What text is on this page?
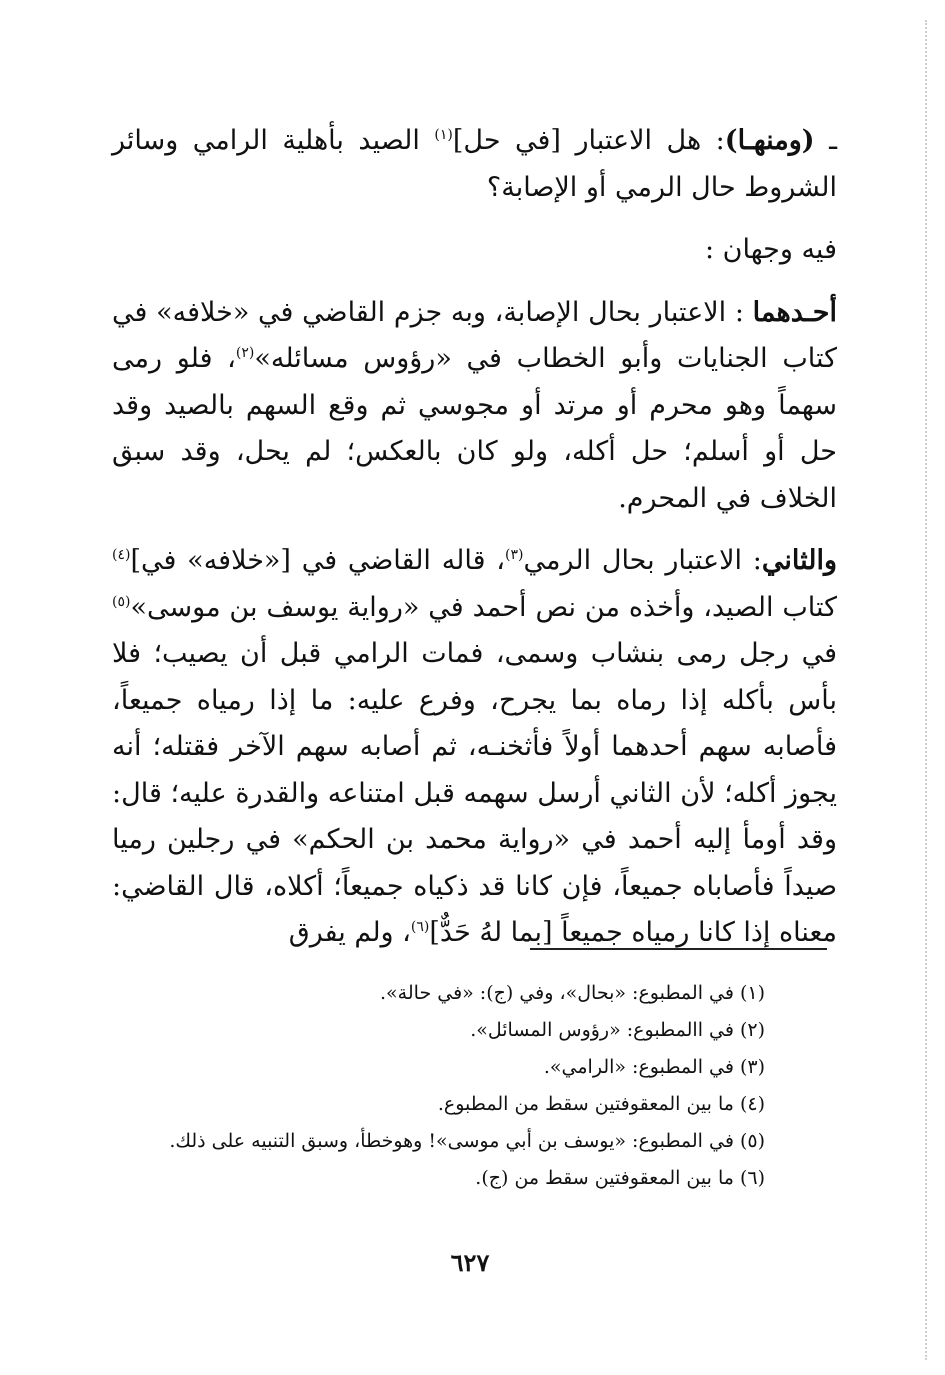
ـ (ومنهـا): هل الاعتبار [في حل]$^{(١)}$ الصيد بأهلية الرامي وسائر الشروط حال الرمي أو الإصابة؟

فيه وجهان :

أحـدهما : الاعتبار بحال الإصابة، وبه جزم القاضي في «خلافه» في كتاب الجنايات وأبو الخطاب في «رؤوس مسائله»$^{(٢)}$، فلو رمى سهماً وهو محرم أو مرتد أو مجوسي ثم وقع السهم بالصيد وقد حل أو أسلم؛ حل أكله، ولو كان بالعكس؛ لم يحل، وقد سبق الخلاف في المحرم.

والثاني: الاعتبار بحال الرمي$^{(٣)}$، قاله القاضي في [«خلافه» في]$^{(٤)}$ كتاب الصيد، وأخذه من نص أحمد في «رواية يوسف بن موسى»$^{(٥)}$ في رجل رمى بنشاب وسمى، فمات الرامي قبل أن يصيب؛ فلا بأس بأكله إذا رماه بما يجرح، وفرع عليه: ما إذا رمياه جميعاً، فأصابه سهم أحدهما أولاً فأثخنـه، ثم أصابه سهم الآخر فقتله؛ أنه يجوز أكله؛ لأن الثاني أرسل سهمه قبل امتناعه والقدرة عليه؛ قال: وقد أومأ إليه أحمد في «رواية محمد بن الحكم» في رجلين رميا صيداً فأصاباه جميعاً، فإن كانا قد ذكياه جميعاً؛ أكلاه، قال القاضي: معناه إذا كانا رمياه جميعاً [بما لهُ حَدٌّ]$^{(٦)}$، ولم يفرق

(١)في المطبوع: «بحال»، وفي (ج): «في حالة».
(٢)في االمطبوع: «رؤوس المسائل».
(٣)في المطبوع: «الرامي».
(٤)ما بين المعقوفتين سقط من المطبوع.
(٥)في المطبوع: «يوسف بن أبي موسى»! وهوخطأ، وسبق التنبيه على ذلك.
(٦)ما بين المعقوفتين سقط من (ج).
٦٢٧
